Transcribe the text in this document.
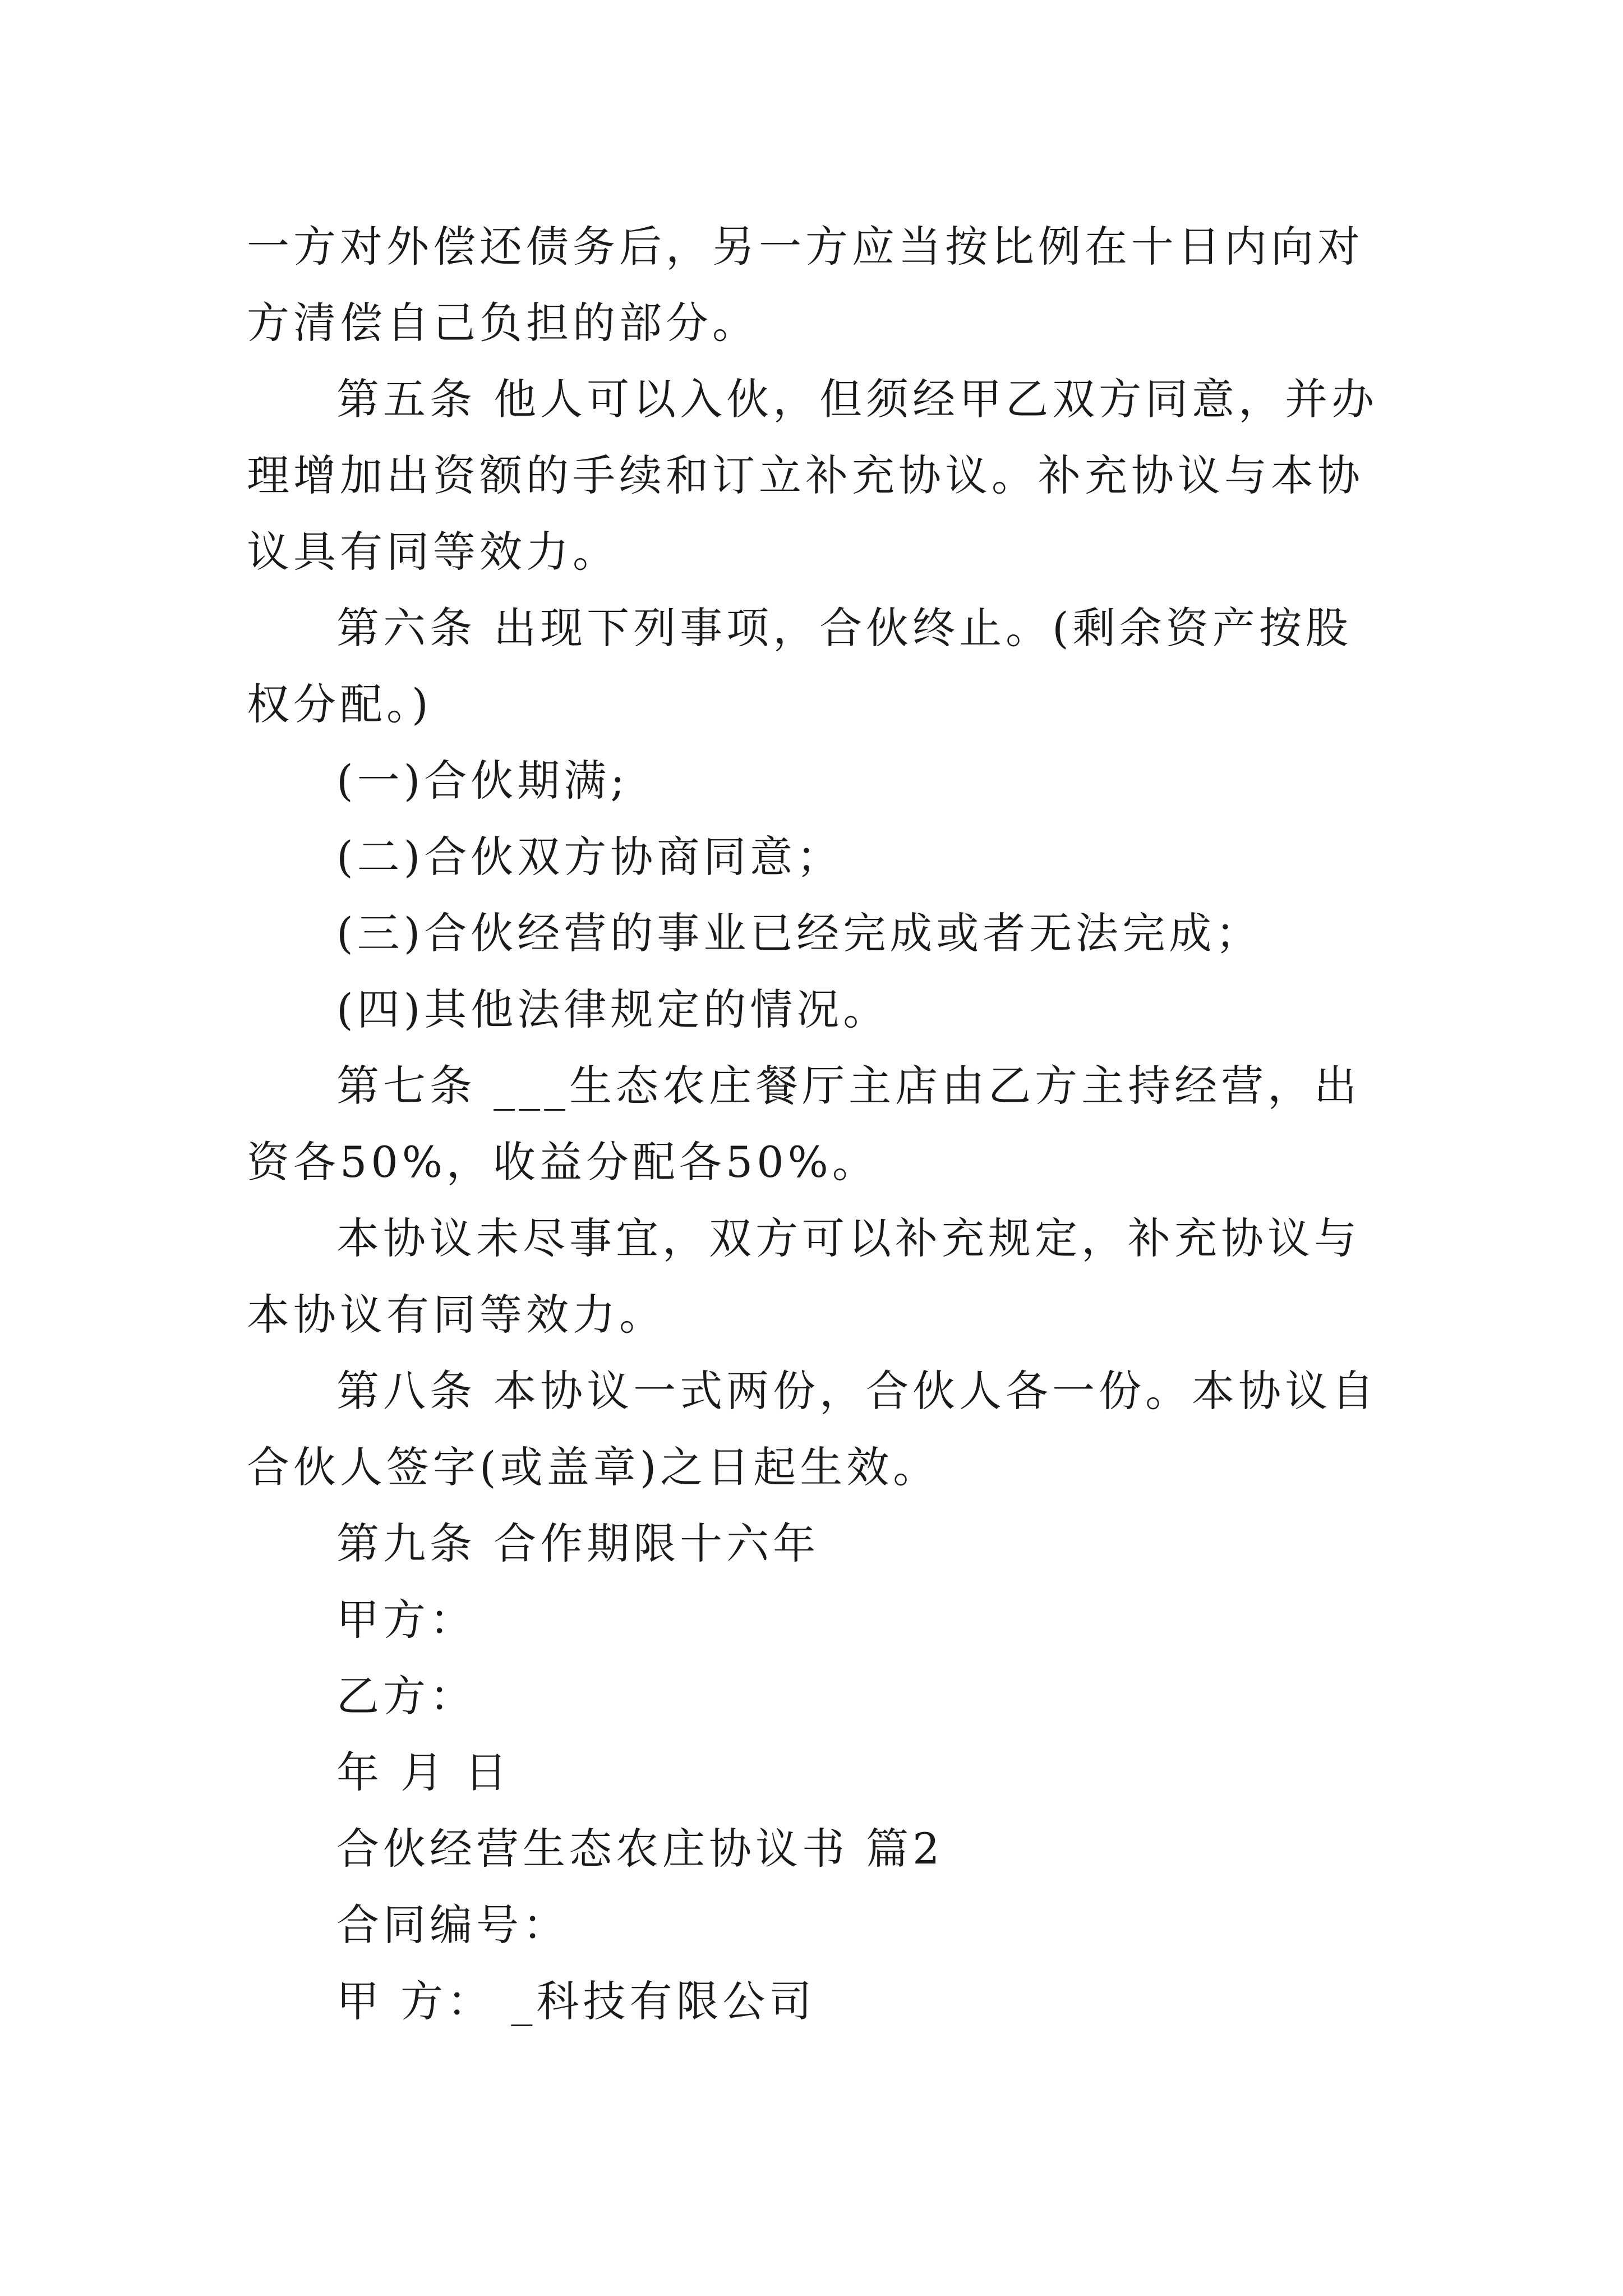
一方对外偿还债务后，另一方应当按比例在十日内向对方清偿自己负担的部分。

第五条 他人可以入伙，但须经甲乙双方同意，并办理增加出资额的手续和订立补充协议。补充协议与本协议具有同等效力。

第六条 出现下列事项，合伙终止。(剩余资产按股权分配。)

(一)合伙期满;

(二)合伙双方协商同意；

(三)合伙经营的事业已经完成或者无法完成；

(四)其他法律规定的情况。

第七条 ___生态农庄餐厅主店由乙方主持经营，出资各50%，收益分配各50%。

本协议未尽事宜，双方可以补充规定，补充协议与本协议有同等效力。

第八条 本协议一式两份，合伙人各一份。本协议自合伙人签字(或盖章)之日起生效。

第九条 合作期限十六年

甲方：

乙方：

年 月 日

合伙经营生态农庄协议书 篇2

合同编号：

甲 方： _科技有限公司
